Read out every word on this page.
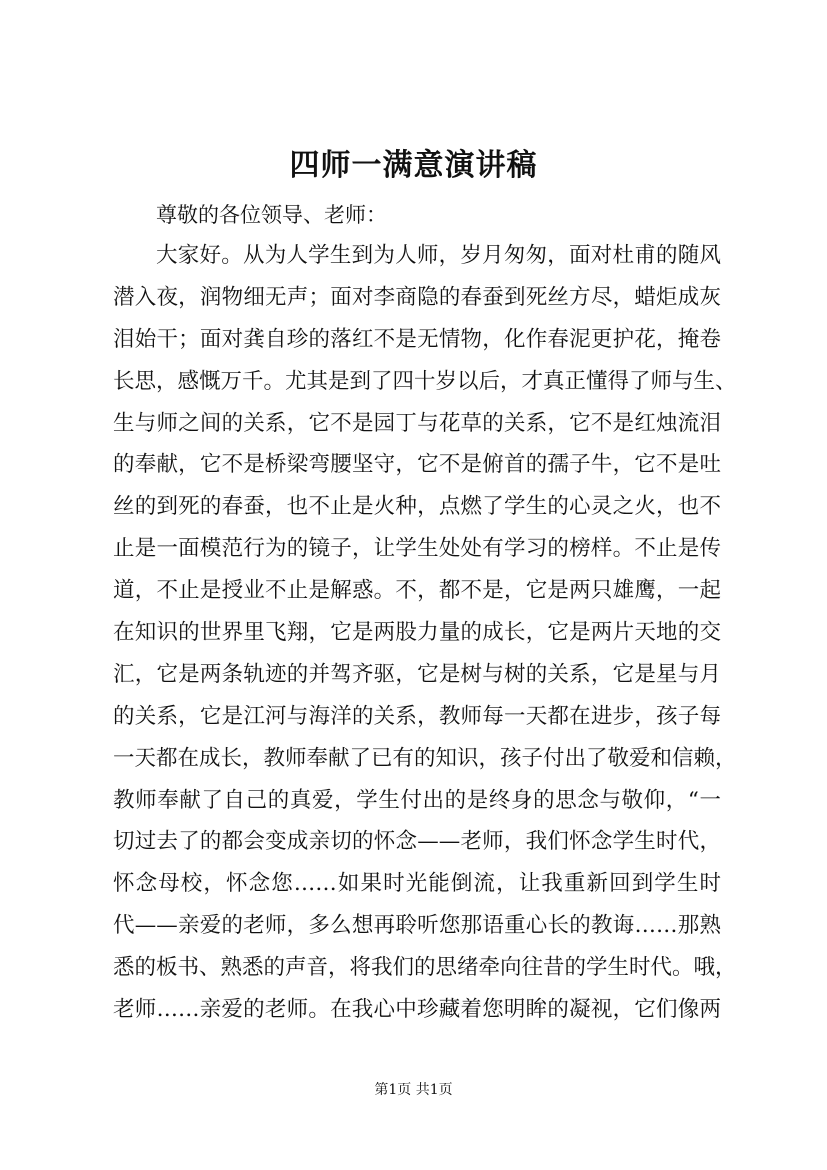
四师一满意演讲稿
尊敬的各位领导、老师：
大家好。从为人学生到为人师，岁月匆匆，面对杜甫的随风
潜入夜，润物细无声；面对李商隐的春蚕到死丝方尽，蜡炬成灰
泪始干；面对龚自珍的落红不是无情物，化作春泥更护花，掩卷
长思，感慨万千。尤其是到了四十岁以后，才真正懂得了师与生、
生与师之间的关系，它不是园丁与花草的关系，它不是红烛流泪
的奉献，它不是桥梁弯腰坚守，它不是俯首的孺子牛，它不是吐
丝的到死的春蚕，也不止是火种，点燃了学生的心灵之火，也不
止是一面模范行为的镜子，让学生处处有学习的榜样。不止是传
道，不止是授业不止是解惑。不，都不是，它是两只雄鹰，一起
在知识的世界里飞翔，它是两股力量的成长，它是两片天地的交
汇，它是两条轨迹的并驾齐驱，它是树与树的关系，它是星与月
的关系，它是江河与海洋的关系，教师每一天都在进步，孩子每
一天都在成长，教师奉献了已有的知识，孩子付出了敬爱和信赖，
教师奉献了自己的真爱，学生付出的是终身的思念与敬仰，“一
切过去了的都会变成亲切的怀念——老师，我们怀念学生时代，
怀念母校，怀念您……如果时光能倒流，让我重新回到学生时
代——亲爱的老师，多么想再聆听您那语重心长的教诲……那熟
悉的板书、熟悉的声音，将我们的思绪牵向往昔的学生时代。哦，
老师……亲爱的老师。在我心中珍藏着您明眸的凝视，它们像两
第1页 共1页
